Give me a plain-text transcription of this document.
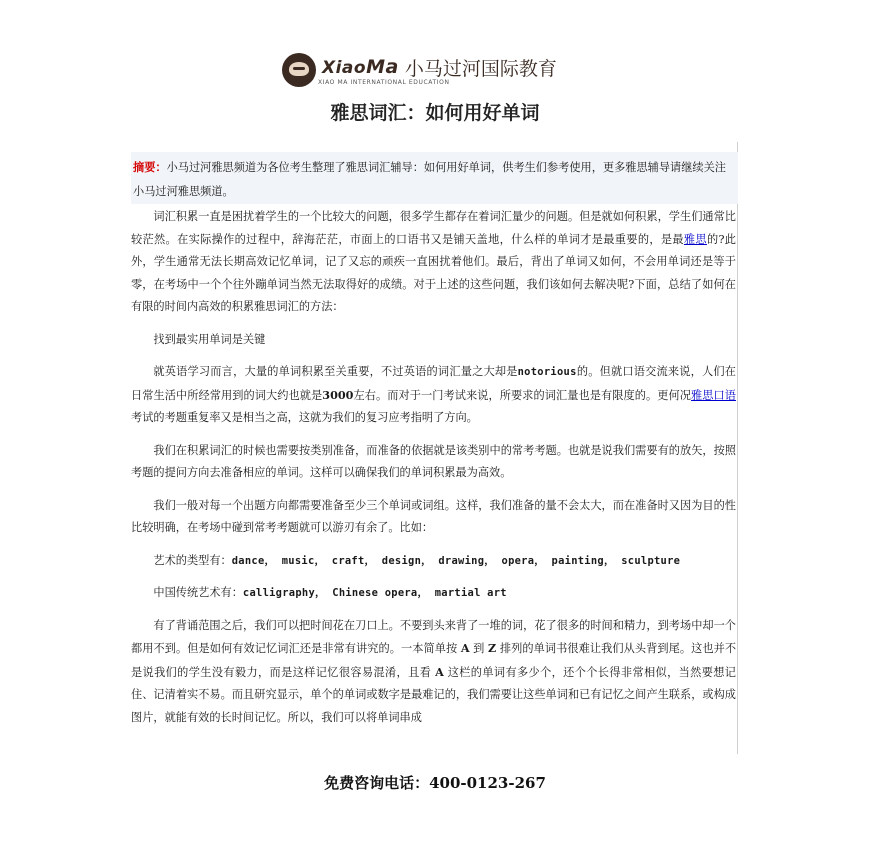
XiaoMa 小马过河国际教育
XIAO MA INTERNATIONAL EDUCATION
雅思词汇：如何用好单词
摘要：小马过河雅思频道为各位考生整理了雅思词汇辅导：如何用好单词，供考生们参考使用，更多雅思辅导请继续关注小马过河雅思频道。

词汇积累一直是困扰着学生的一个比较大的问题，很多学生都存在着词汇量少的问题。但是就如何积累，学生们通常比较茫然。在实际操作的过程中，辞海茫茫，市面上的口语书又是铺天盖地，什么样的单词才是最重要的，是最雅思的?此外，学生通常无法长期高效记忆单词，记了又忘的顽疾一直困扰着他们。最后，背出了单词又如何，不会用单词还是等于零，在考场中一个个往外蹦单词当然无法取得好的成绩。对于上述的这些问题，我们该如何去解决呢?下面，总结了如何在有限的时间内高效的积累雅思词汇的方法：

找到最实用单词是关键

就英语学习而言，大量的单词积累至关重要，不过英语的词汇量之大却是notorious的。但就口语交流来说，人们在日常生活中所经常用到的词大约也就是3000左右。而对于一门考试来说，所要求的词汇量也是有限度的。更何况雅思口语考试的考题重复率又是相当之高，这就为我们的复习应考指明了方向。

我们在积累词汇的时候也需要按类别准备，而准备的依据就是该类别中的常考考题。也就是说我们需要有的放矢，按照考题的提问方向去准备相应的单词。这样可以确保我们的单词积累最为高效。

我们一般对每一个出题方向都需要准备至少三个单词或词组。这样，我们准备的量不会太大，而在准备时又因为目的性比较明确，在考场中碰到常考考题就可以游刃有余了。比如：

艺术的类型有：dance， music， craft， design， drawing， opera， painting， sculpture

中国传统艺术有：calligraphy， Chinese opera， martial art

有了背诵范围之后，我们可以把时间花在刀口上。不要到头来背了一堆的词，花了很多的时间和精力，到考场中却一个都用不到。但是如何有效记忆词汇还是非常有讲究的。一本简单按 A 到 Z 排列的单词书很难让我们从头背到尾。这也并不是说我们的学生没有毅力，而是这样记忆很容易混淆，且看 A 这栏的单词有多少个，还个个长得非常相似，当然要想记住、记清着实不易。而且研究显示，单个的单词或数字是最难记的，我们需要让这些单词和已有记忆之间产生联系，或构成图片，就能有效的长时间记忆。所以，我们可以将单词串成

免费咨询电话：400-0123-267
